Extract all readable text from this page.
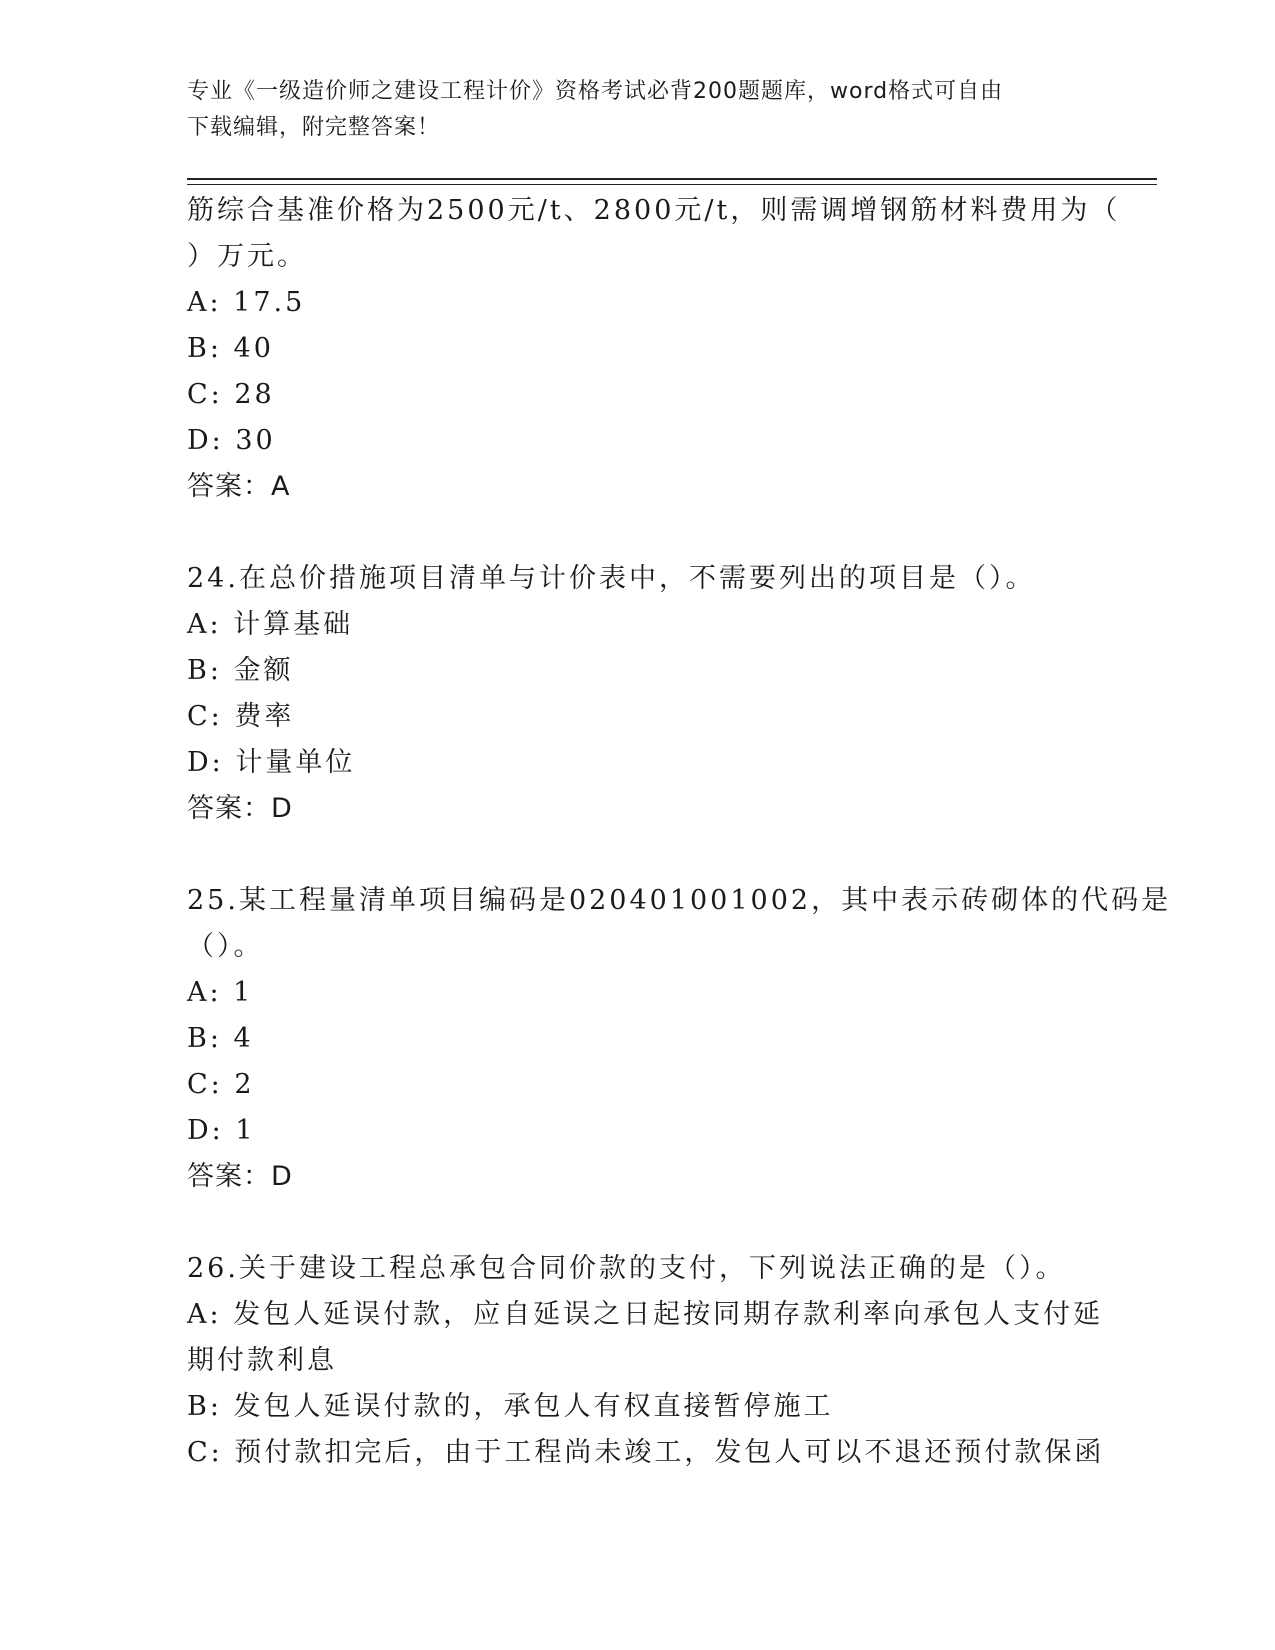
专业《一级造价师之建设工程计价》资格考试必背200题题库，word格式可自由
下载编辑，附完整答案！
筋综合基准价格为2500元/t、2800元/t，则需调增钢筋材料费用为（
）万元。
A: 17.5
B: 40
C: 28
D: 30
答案：A
24.在总价措施项目清单与计价表中，不需要列出的项目是（）。
A: 计算基础
B: 金额
C: 费率
D: 计量单位
答案：D
25.某工程量清单项目编码是020401001002，其中表示砖砌体的代码是
（）。
A: 1
B: 4
C: 2
D: 1
答案：D
26.关于建设工程总承包合同价款的支付，下列说法正确的是（）。
A: 发包人延误付款，应自延误之日起按同期存款利率向承包人支付延
期付款利息
B: 发包人延误付款的，承包人有权直接暂停施工
C: 预付款扣完后，由于工程尚未竣工，发包人可以不退还预付款保函
